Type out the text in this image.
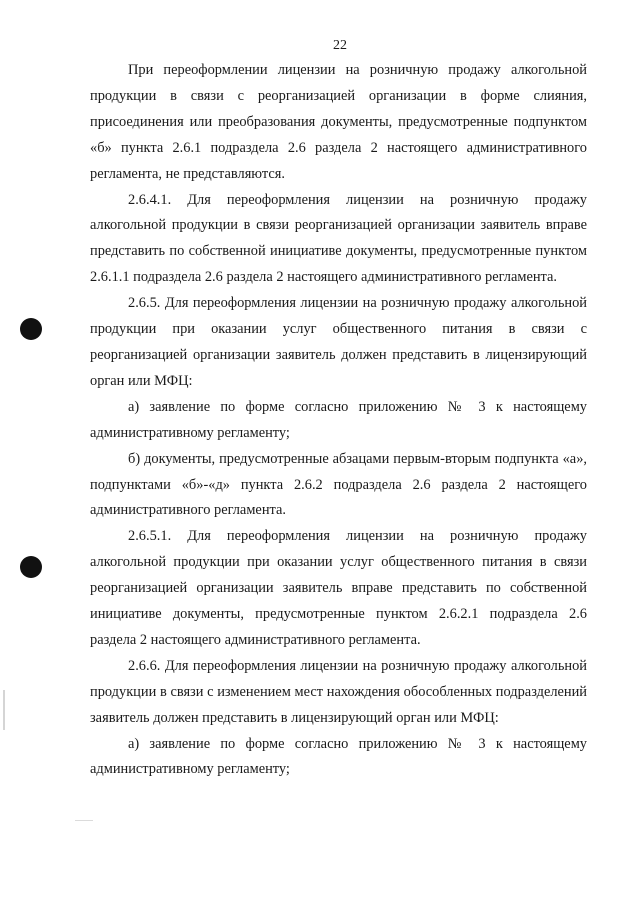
22

При переоформлении лицензии на розничную продажу алкогольной продукции в связи с реорганизацией организации в форме слияния, присоединения или преобразования документы, предусмотренные подпунктом «б» пункта 2.6.1 подраздела 2.6 раздела 2 настоящего административного регламента, не представляются.

2.6.4.1. Для переоформления лицензии на розничную продажу алкогольной продукции в связи реорганизацией организации заявитель вправе представить по собственной инициативе документы, предусмотренные пунктом 2.6.1.1 подраздела 2.6 раздела 2 настоящего административного регламента.

2.6.5. Для переоформления лицензии на розничную продажу алкогольной продукции при оказании услуг общественного питания в связи с реорганизацией организации заявитель должен представить в лицензирующий орган или МФЦ:

а) заявление по форме согласно приложению № 3 к настоящему административному регламенту;

б) документы, предусмотренные абзацами первым-вторым подпункта «а», подпунктами «б»-«д» пункта 2.6.2 подраздела 2.6 раздела 2 настоящего административного регламента.

2.6.5.1. Для переоформления лицензии на розничную продажу алкогольной продукции при оказании услуг общественного питания в связи реорганизацией организации заявитель вправе представить по собственной инициативе документы, предусмотренные пунктом 2.6.2.1 подраздела 2.6 раздела 2 настоящего административного регламента.

2.6.6. Для переоформления лицензии на розничную продажу алкогольной продукции в связи с изменением мест нахождения обособленных подразделений заявитель должен представить в лицензирующий орган или МФЦ:

а) заявление по форме согласно приложению № 3 к настоящему административному регламенту;
